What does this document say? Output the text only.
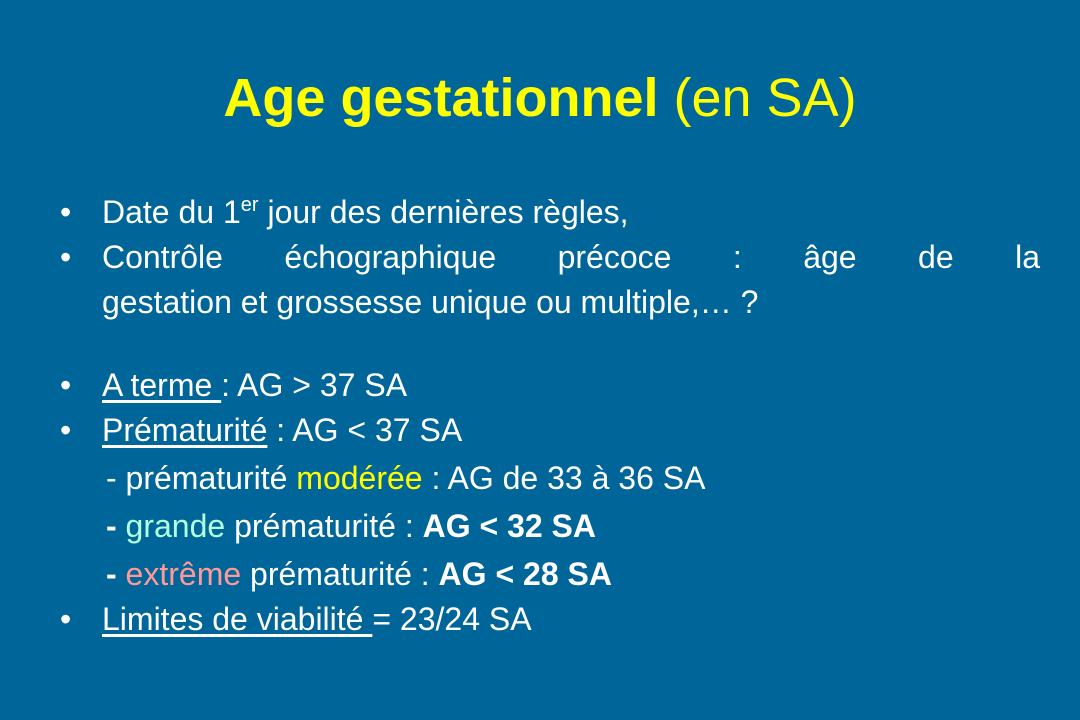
Age gestationnel (en SA)
• Date du 1er jour des dernières règles,
• Contrôle échographique précoce : âge de la
gestation et grossesse unique ou multiple,… ?
• A terme : AG > 37 SA
• Prématurité : AG < 37 SA
- prématurité modérée : AG de 33 à 36 SA
- grande prématurité : AG < 32 SA
- extrême prématurité : AG < 28 SA
• Limites de viabilité = 23/24 SA
